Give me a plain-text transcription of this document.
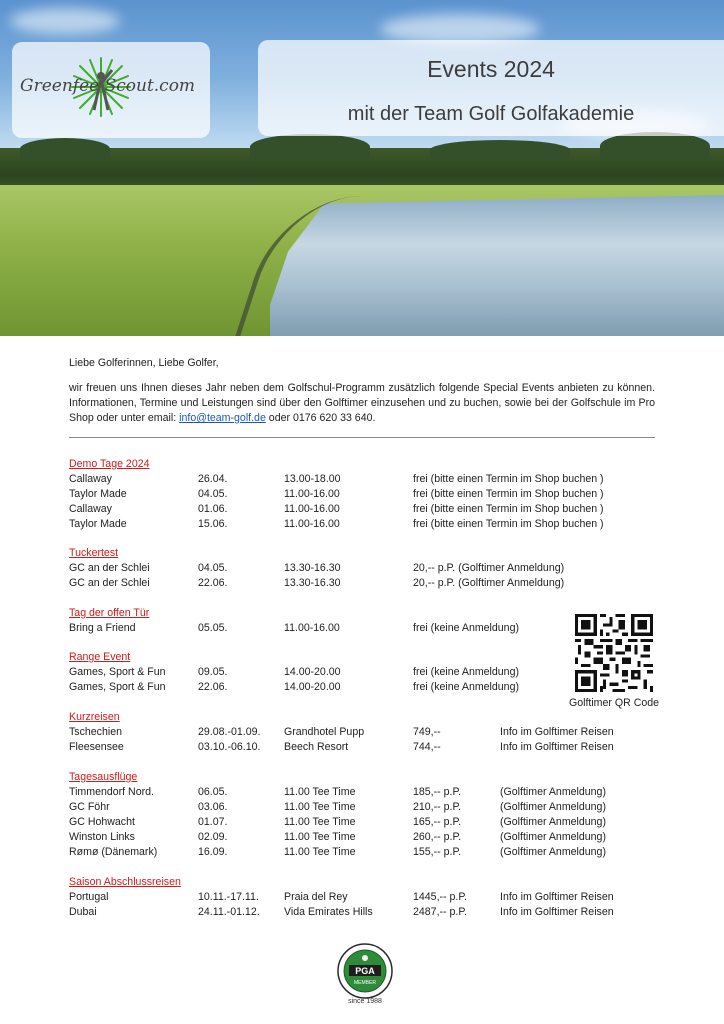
Greenfee Scout.com
Events 2024
mit der Team Golf Golfakademie
Liebe Golferinnen, Liebe Golfer,
wir freuen uns Ihnen dieses Jahr neben dem Golfschul-Programm zusätzlich folgende Special Events anbieten zu können. Informationen, Termine und Leistungen sind über den Golftimer einzusehen und zu buchen, sowie bei der Golfschule im Pro Shop oder unter email: info@team-golf.de oder 0176 620 33 640.
Demo Tage 2024
Callaway	26.04.	13.00-18.00	frei (bitte einen Termin im Shop buchen )
Taylor Made	04.05.	11.00-16.00	frei (bitte einen Termin im Shop buchen )
Callaway	01.06.	11.00-16.00	frei (bitte einen Termin im Shop buchen )
Taylor Made	15.06.	11.00-16.00	frei (bitte einen Termin im Shop buchen )
Tuckertest
GC an der Schlei	04.05.	13.30-16.30	20,-- p.P. (Golftimer Anmeldung)
GC an der Schlei	22.06.	13.30-16.30	20,-- p.P. (Golftimer Anmeldung)
Tag der offen Tür
Bring a Friend	05.05.	11.00-16.00	frei (keine Anmeldung)
Range Event
Games, Sport & Fun	09.05.	14.00-20.00	frei (keine Anmeldung)
Games, Sport & Fun	22.06.	14.00-20.00	frei (keine Anmeldung)
Kurzreisen
Tschechien	29.08.-01.09. Grandhotel Pupp	749,--	Info im Golftimer Reisen
Fleesensee	03.10.-06.10. Beech Resort	744,--	Info im Golftimer Reisen
Tagesausflüge
Timmendorf Nord.	06.05.	11.00 Tee Time	185,-- p.P.	(Golftimer Anmeldung)
GC Föhr	03.06.	11.00 Tee Time	210,-- p.P.	(Golftimer Anmeldung)
GC Hohwacht	01.07.	11.00 Tee Time	165,-- p.P.	(Golftimer Anmeldung)
Winston Links	02.09.	11.00 Tee Time	260,-- p.P.	(Golftimer Anmeldung)
Rømø (Dänemark)	16.09.	11.00 Tee Time	155,-- p.P.	(Golftimer Anmeldung)
Saison Abschlussreisen
Portugal	10.11.-17.11. Praia del Rey	1445,-- p.P.	Info im Golftimer Reisen
Dubai	24.11.-01.12. Vida Emirates Hills	2487,-- p.P.	Info im Golftimer Reisen
Golftimer QR Code
PGA
MEMBER
since 1988
